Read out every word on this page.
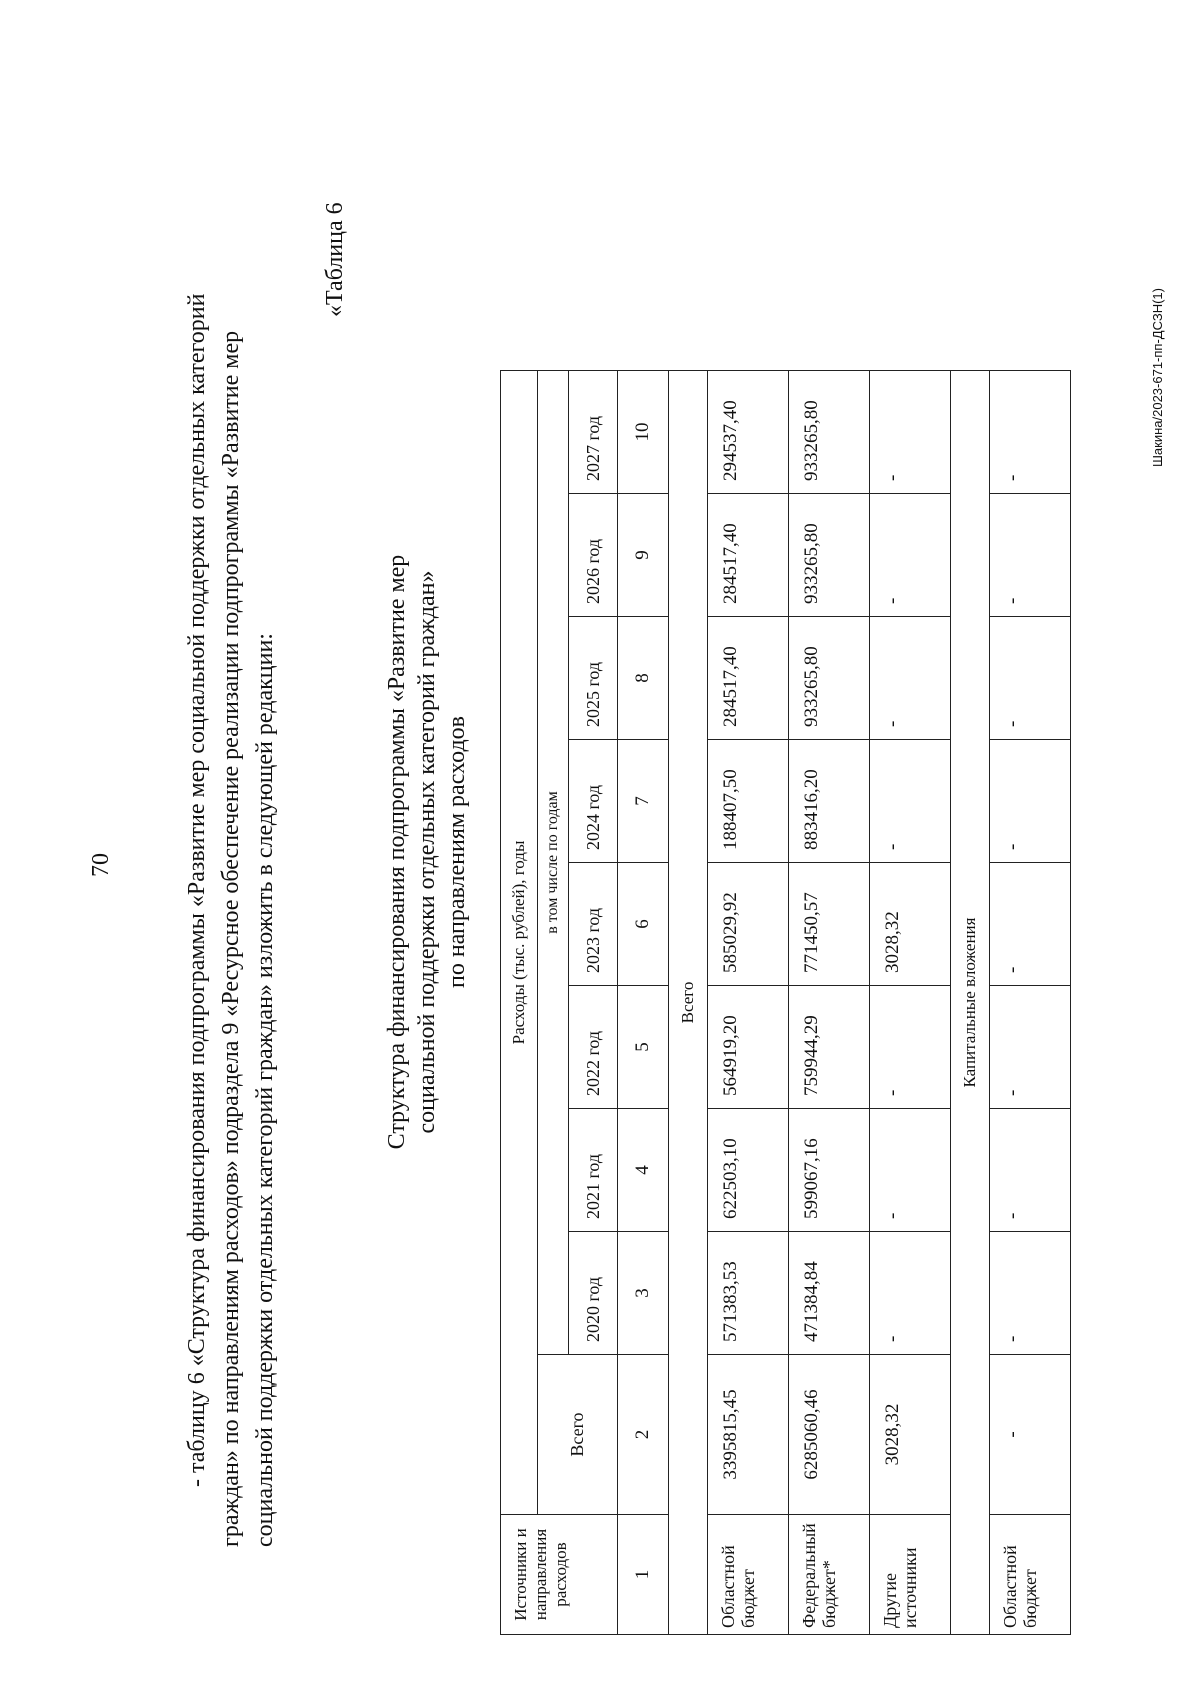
70	- таблицу 6 «Структура финансирования подпрограммы «Развитие мер социальной поддержки отдельных категорий граждан» по направлениям расходов» подраздела 9 «Ресурсное обеспечение реализации подпрограммы «Развитие мер социальной поддержки отдельных категорий граждан» изложить в следующей редакции:
«Таблица 6
Структура финансирования подпрограммы «Развитие мер социальной поддержки отдельных категорий граждан» по направлениям расходов
Источники и направления расходов	Расходы (тыс. рублей), годы								
	Всего	в том числе по годам							
		2020 год	2021 год	2022 год	2023 год	2024 год	2025 год	2026 год	2027 год
1	2	3	4	5	6	7	8	9	10
Всего									
Областной бюджет	3395815,45	571383,53	622503,10	564919,20	585029,92	188407,50	284517,40	284517,40	294537,40
Федеральный бюджет*	6285060,46	471384,84	599067,16	759944,29	771450,57	883416,20	933265,80	933265,80	933265,80
Другие источники	3028,32	-	-	-	3028,32	-	-	-	-
Капитальные вложения									
Областной бюджет	-	-	-	-	-	-	-	-	-
Шакина/2023-671-пп-ДСЗН(1)
